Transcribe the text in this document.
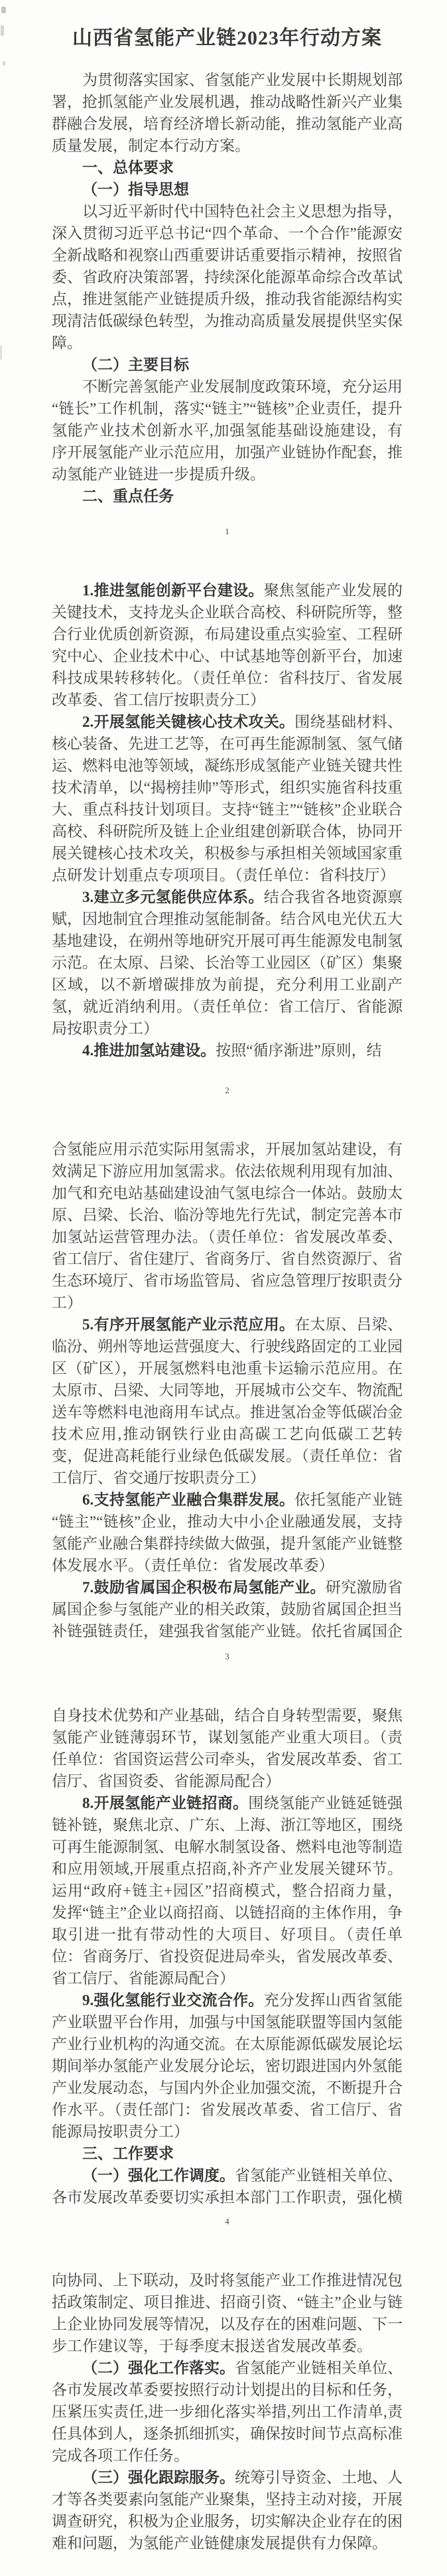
山西省氢能产业链2023年行动方案

为贯彻落实国家、省氢能产业发展中长期规划部署，抢抓氢能产业发展机遇，推动战略性新兴产业集群融合发展，培育经济增长新动能，推动氢能产业高质量发展，制定本行动方案。

一、总体要求
（一）指导思想

以习近平新时代中国特色社会主义思想为指导，深入贯彻习近平总书记“四个革命、一个合作”能源安全新战略和视察山西重要讲话重要指示精神，按照省委、省政府决策部署，持续深化能源革命综合改革试点，推进氢能产业链提质升级，推动我省能源结构实现清洁低碳绿色转型，为推动高质量发展提供坚实保障。

（二）主要目标

不断完善氢能产业发展制度政策环境，充分运用“链长”工作机制，落实“链主”“链核”企业责任，提升氢能产业技术创新水平,加强氢能基础设施建设，有序开展氢能产业示范应用，加强产业链协作配套，推动氢能产业链进一步提质升级。

二、重点任务
1

1.推进氢能创新平台建设。聚焦氢能产业发展的关键技术，支持龙头企业联合高校、科研院所等，整合行业优质创新资源，布局建设重点实验室、工程研究中心、企业技术中心、中试基地等创新平台，加速科技成果转移转化。（责任单位：省科技厅、省发展改革委、省工信厅按职责分工）

2.开展氢能关键核心技术攻关。围绕基础材料、核心装备、先进工艺等，在可再生能源制氢、氢气储运、燃料电池等领域，凝练形成氢能产业链关键共性技术清单，以“揭榜挂帅”等形式，组织实施省科技重大、重点科技计划项目。支持“链主”“链核”企业联合高校、科研院所及链上企业组建创新联合体，协同开展关键核心技术攻关，积极参与承担相关领域国家重点研发计划重点专项项目。（责任单位：省科技厅）

3.建立多元氢能供应体系。结合我省各地资源禀赋，因地制宜合理推动氢能制备。结合风电光伏五大基地建设，在朔州等地研究开展可再生能源发电制氢示范。在太原、吕梁、长治等工业园区（矿区）集聚区域，以不新增碳排放为前提，充分利用工业副产氢，就近消纳利用。（责任单位：省工信厅、省能源局按职责分工）

4.推进加氢站建设。按照“循序渐进”原则，结

2

合氢能应用示范实际用氢需求，开展加氢站建设，有效满足下游应用加氢需求。依法依规利用现有加油、加气和充电站基础建设油气氢电综合一体站。鼓励太原、吕梁、长治、临汾等地先行先试，制定完善本市加氢站运营管理办法。（责任单位：省发展改革委、省工信厅、省住建厅、省商务厅、省自然资源厅、省生态环境厅、省市场监管局、省应急管理厅按职责分工）

5.有序开展氢能产业示范应用。在太原、吕梁、临汾、朔州等地运营强度大、行驶线路固定的工业园区（矿区），开展氢燃料电池重卡运输示范应用。在太原市、吕梁、大同等地，开展城市公交车、物流配送车等燃料电池商用车试点。推进氢冶金等低碳冶金技术应用,推动钢铁行业由高碳工艺向低碳工艺转变，促进高耗能行业绿色低碳发展。（责任单位：省工信厅、省交通厅按职责分工）

6.支持氢能产业融合集群发展。依托氢能产业链“链主”“链核”企业，推动大中小企业融通发展，支持氢能产业融合集群持续做大做强，提升氢能产业链整体发展水平。（责任单位：省发展改革委）

7.鼓励省属国企积极布局氢能产业。研究激励省属国企参与氢能产业的相关政策，鼓励省属国企担当补链强链责任，建强我省氢能产业链。依托省属国企

3

自身技术优势和产业基础，结合自身转型需要，聚焦氢能产业链薄弱环节，谋划氢能产业重大项目。（责任单位：省国资运营公司牵头，省发展改革委、省工信厅、省国资委、省能源局配合）

8.开展氢能产业链招商。围绕氢能产业链延链强链补链，聚焦北京、广东、上海、浙江等地区，围绕可再生能源制氢、电解水制氢设备、燃料电池等制造和应用领域,开展重点招商,补齐产业发展关键环节。运用“政府+链主+园区”招商模式，整合招商力量，发挥“链主”企业以商招商、以链招商的主体作用，争取引进一批有带动性的大项目、好项目。（责任单位：省商务厅、省投资促进局牵头，省发展改革委、省工信厅、省能源局配合）

9.强化氢能行业交流合作。充分发挥山西省氢能产业联盟平台作用，加强与中国氢能联盟等国内氢能产业行业机构的沟通交流。在太原能源低碳发展论坛期间举办氢能产业发展分论坛，密切跟进国内外氢能产业发展动态，与国内外企业加强交流，不断提升合作水平。（责任部门：省发展改革委、省工信厅、省能源局按职责分工）

三、工作要求

（一）强化工作调度。省氢能产业链相关单位、各市发展改革委要切实承担本部门工作职责，强化横

4

向协同、上下联动，及时将氢能产业工作推进情况包括政策制定、项目推进、招商引资、“链主”企业与链上企业协同发展等情况，以及存在的困难问题、下一步工作建议等，于每季度末报送省发展改革委。

（二）强化工作落实。省氢能产业链相关单位、各市发展改革委要按照行动计划提出的目标和任务，压紧压实责任,进一步细化落实举措,列出工作清单,责任具体到人，逐条抓细抓实，确保按时间节点高标准完成各项工作任务。

（三）强化跟踪服务。统筹引导资金、土地、人才等各类要素向氢能产业聚集，坚持主动对接，开展调查研究，积极为企业服务，切实解决企业存在的困难和问题，为氢能产业链健康发展提供有力保障。
